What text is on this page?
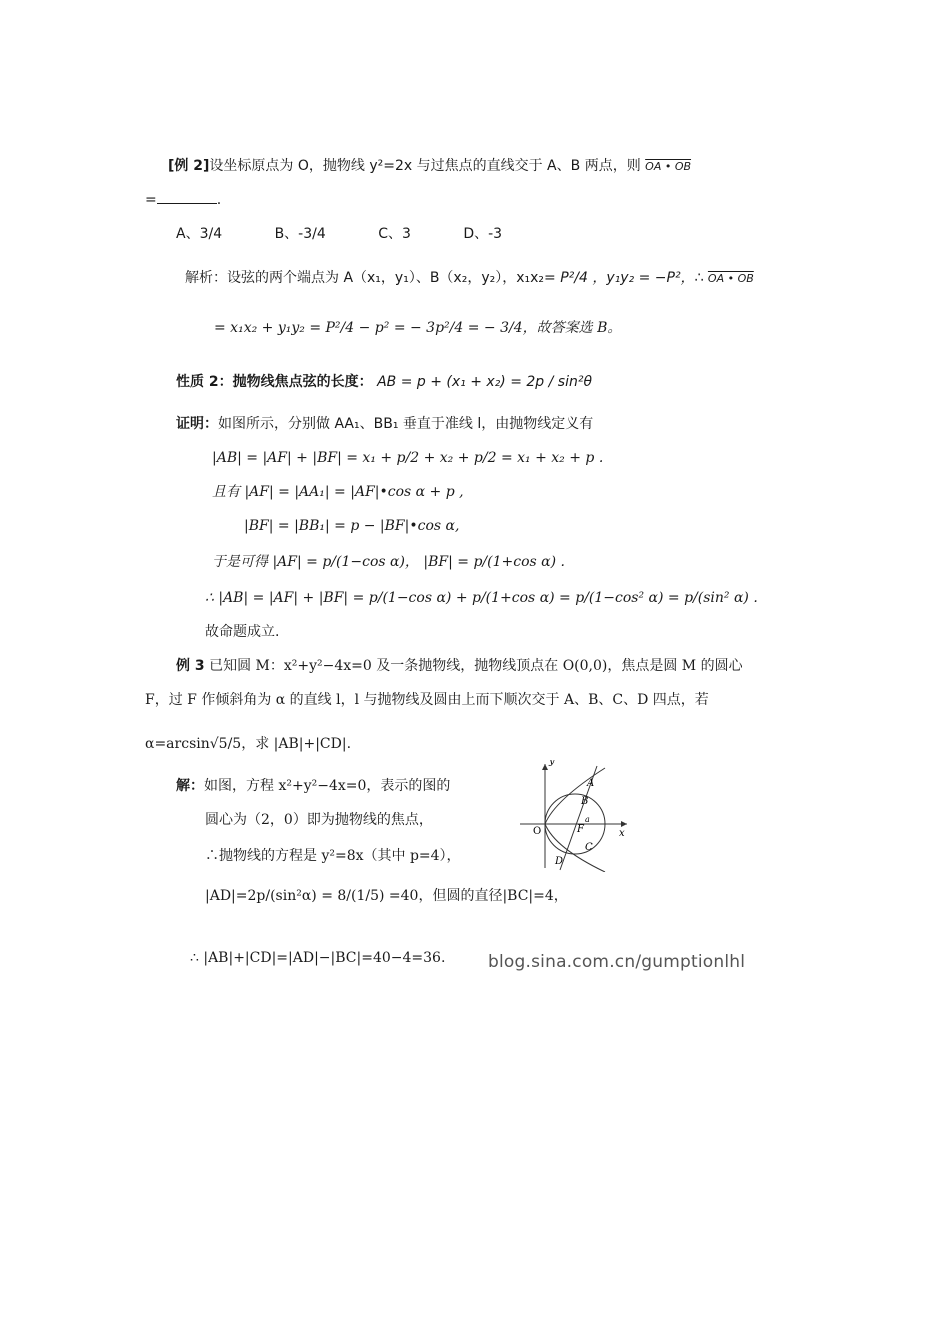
[例 2]设坐标原点为 O，抛物线 y²=2x 与过焦点的直线交于 A、B 两点，则 OA • OB
=	.
A、3/4	B、-3/4	C、3	D、-3
解析：设弦的两个端点为 A（x₁，y₁）、B（x₂，y₂），x₁x₂= P²/4 ，y₁y₂ = −P²，∴ OA • OB
= x₁x₂ + y₁y₂ = P²/4 − p² = − 3p²/4 = − 3/4，故答案选 B。
性质 2：抛物线焦点弦的长度： AB = p + (x₁ + x₂) = 2p / sin²θ
证明：如图所示，分别做 AA₁、BB₁ 垂直于准线 l，由抛物线定义有
|AB| = |AF| + |BF| = x₁ + p/2 + x₂ + p/2 = x₁ + x₂ + p .
且有 |AF| = |AA₁| = |AF|•cos α + p ,
|BF| = |BB₁| = p − |BF|•cos α,
于是可得 |AF| = p/(1−cos α)， |BF| = p/(1+cos α) .
∴ |AB| = |AF| + |BF| = p/(1−cos α) + p/(1+cos α) = p/(1−cos² α) = p/(sin² α) .
故命题成立.
例 3 已知圆 M：x²+y²−4x=0 及一条抛物线，抛物线顶点在 O(0,0)，焦点是圆 M 的圆心
F，过 F 作倾斜角为 α 的直线 l，l 与抛物线及圆由上而下顺次交于 A、B、C、D 四点，若
α=arcsin√5/5，求 |AB|+|CD|.
解：如图，方程 x²+y²−4x=0，表示的图的
圆心为（2，0）即为抛物线的焦点，
∴抛物线的方程是 y²=8x（其中 p=4），
|AD|=2p/(sin²α) = 8/(1/5) =40，但圆的直径|BC|=4，
∴ |AB|+|CD|=|AD|−|BC|=40−4=36.
y
x
O
A
B
F
C
D
a
blog.sina.com.cn/gumptionlhl
